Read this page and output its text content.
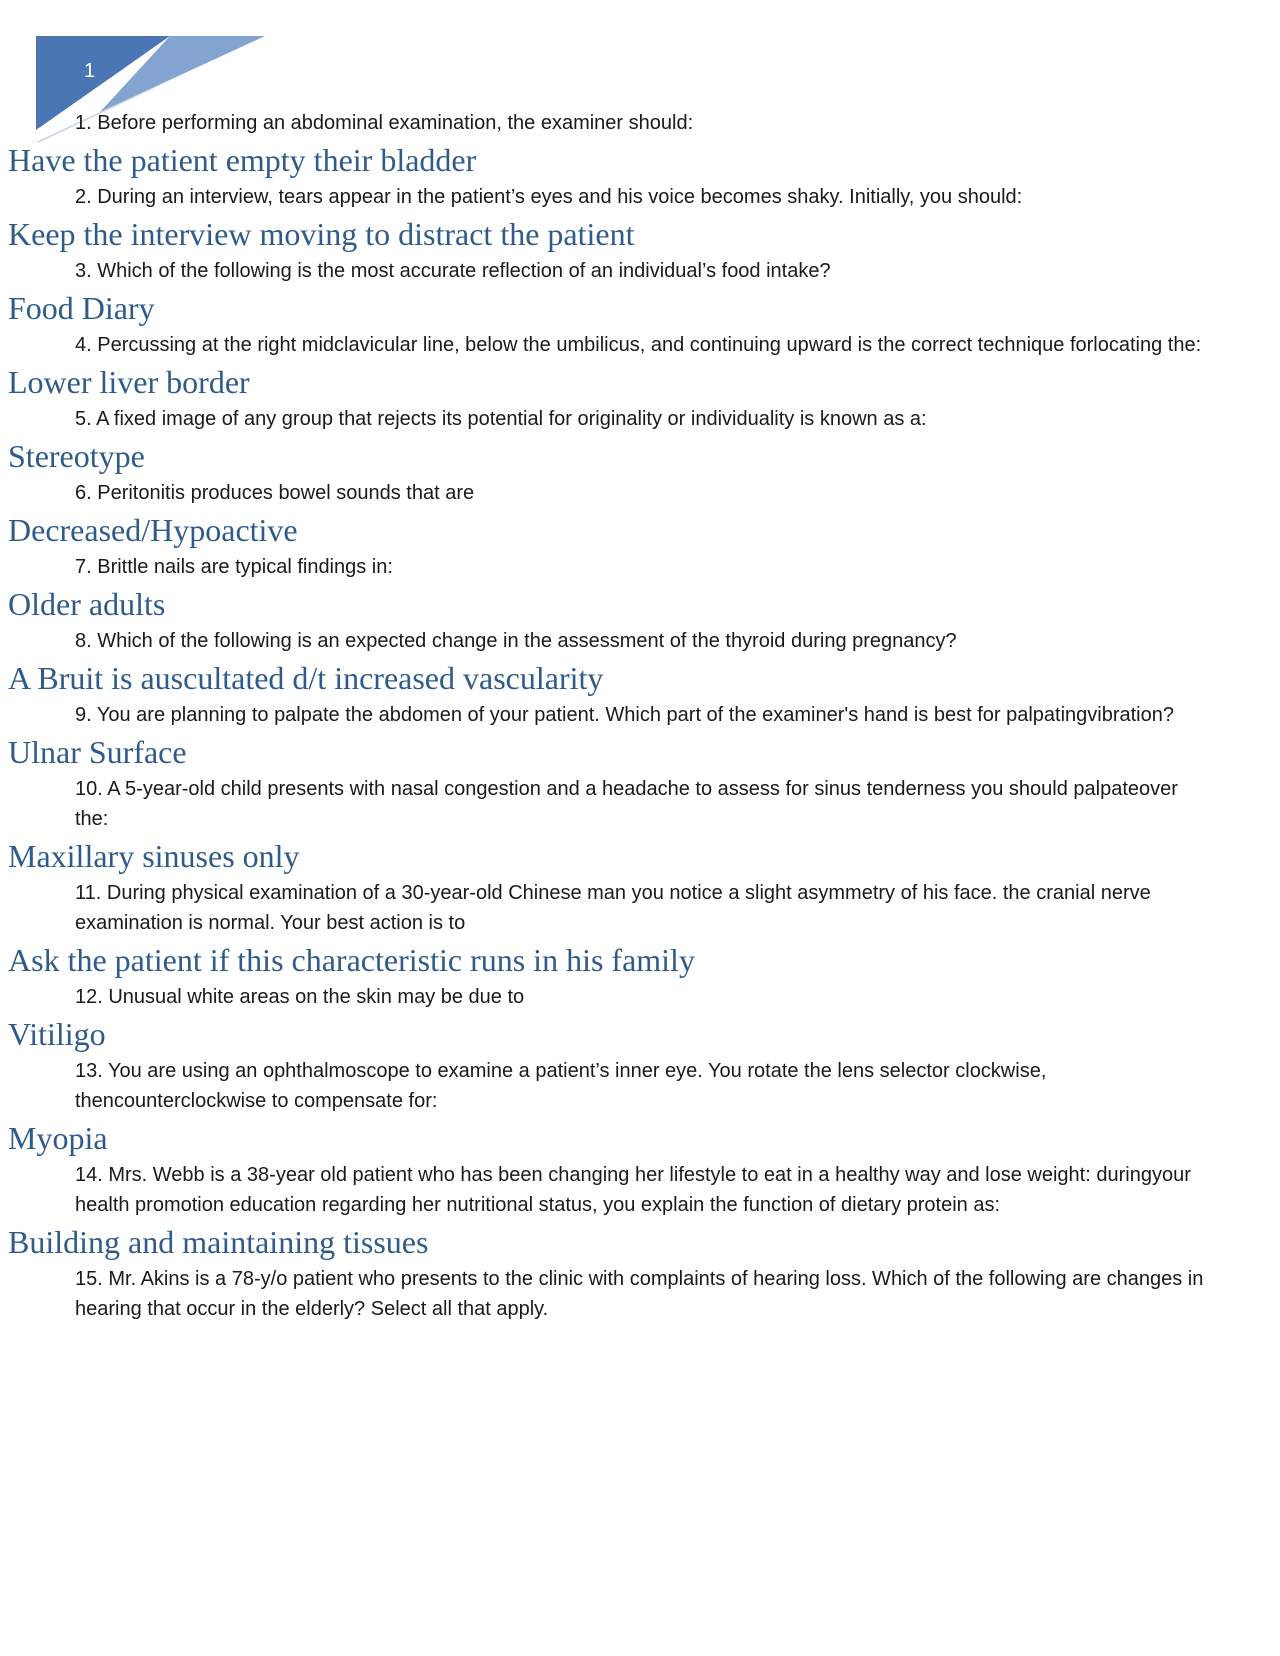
1

1. Before performing an abdominal examination, the examiner should:

Have the patient empty their bladder

2. During an interview, tears appear in the patient’s eyes and his voice becomes shaky. Initially, you should:

Keep the interview moving to distract the patient

3. Which of the following is the most accurate reflection of an individual’s food intake?

Food Diary

4. Percussing at the right midclavicular line, below the umbilicus, and continuing upward is the correct technique forlocating the:

Lower liver border

5. A fixed image of any group that rejects its potential for originality or individuality is known as a:

Stereotype

6. Peritonitis produces bowel sounds that are

Decreased/Hypoactive

7. Brittle nails are typical findings in:

Older adults

8. Which of the following is an expected change in the assessment of the thyroid during pregnancy?

A Bruit is auscultated d/t increased vascularity

9. You are planning to palpate the abdomen of your patient. Which part of the examiner's hand is best for palpatingvibration?

Ulnar Surface

10. A 5-year-old child presents with nasal congestion and a headache to assess for sinus tenderness you should palpateover the:

Maxillary sinuses only

11. During physical examination of a 30-year-old Chinese man you notice a slight asymmetry of his face. the cranial nerve examination is normal. Your best action is to

Ask the patient if this characteristic runs in his family

12. Unusual white areas on the skin may be due to

Vitiligo

13. You are using an ophthalmoscope to examine a patient’s inner eye. You rotate the lens selector clockwise, thencounterclockwise to compensate for:

Myopia

14. Mrs. Webb is a 38-year old patient who has been changing her lifestyle to eat in a healthy way and lose weight: duringyour health promotion education regarding her nutritional status, you explain the function of dietary protein as:

Building and maintaining tissues

15. Mr. Akins is a 78-y/o patient who presents to the clinic with complaints of hearing loss. Which of the following are changes in hearing that occur in the elderly? Select all that apply.
